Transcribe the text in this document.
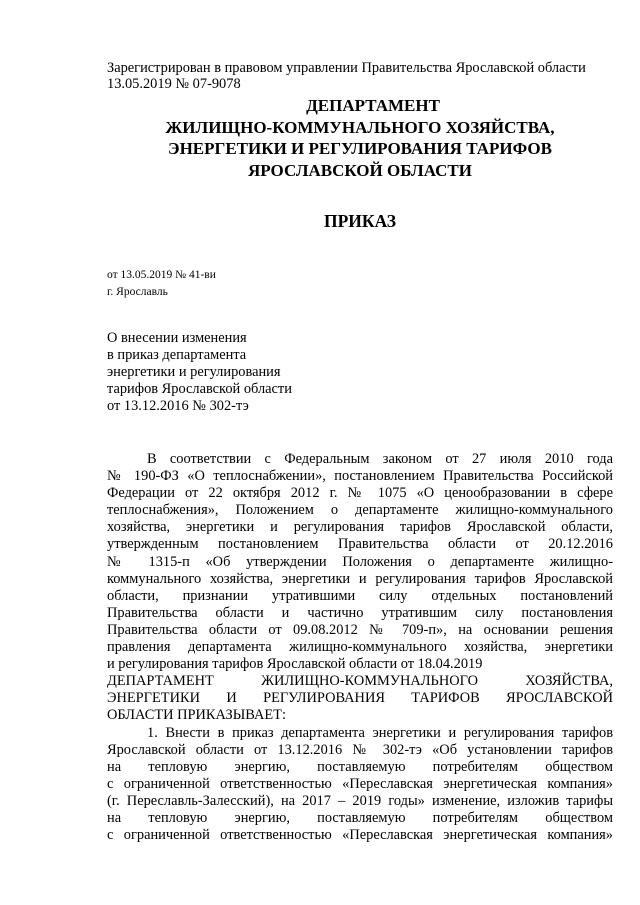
Зарегистрирован в правовом управлении Правительства Ярославской области
13.05.2019 № 07-9078
ДЕПАРТАМЕНТ
ЖИЛИЩНО-КОММУНАЛЬНОГО ХОЗЯЙСТВА,
ЭНЕРГЕТИКИ И РЕГУЛИРОВАНИЯ ТАРИФОВ
ЯРОСЛАВСКОЙ ОБЛАСТИ
ПРИКАЗ
от 13.05.2019 № 41-ви
г. Ярославль
О внесении изменения
в приказ департамента
энергетики и регулирования
тарифов Ярославской области
от 13.12.2016 № 302-тэ

В соответствии с Федеральным законом от 27 июля 2010 года

№ 190-ФЗ «О теплоснабжении», постановлением Правительства Российской

Федерации от 22 октября 2012 г. № 1075 «О ценообразовании в сфере

теплоснабжения», Положением о департаменте жилищно-коммунального

хозяйства, энергетики и регулирования тарифов Ярославской области,

утвержденным постановлением Правительства области от 20.12.2016

№ 1315-п «Об утверждении Положения о департаменте жилищно-

коммунального хозяйства, энергетики и регулирования тарифов Ярославской

области, признании утратившими силу отдельных постановлений

Правительства области и частично утратившим силу постановления

Правительства области от 09.08.2012 № 709-п», на основании решения

правления департамента жилищно-коммунального хозяйства, энергетики

и регулирования тарифов Ярославской области от 18.04.2019

ДЕПАРТАМЕНТ ЖИЛИЩНО-КОММУНАЛЬНОГО ХОЗЯЙСТВА,

ЭНЕРГЕТИКИ И РЕГУЛИРОВАНИЯ ТАРИФОВ ЯРОСЛАВСКОЙ

ОБЛАСТИ ПРИКАЗЫВАЕТ:

1. Внести в приказ департамента энергетики и регулирования тарифов

Ярославской области от 13.12.2016 № 302-тэ «Об установлении тарифов

на тепловую энергию, поставляемую потребителям обществом

с ограниченной ответственностью «Переславская энергетическая компания»

(г. Переславль-Залесский), на 2017 – 2019 годы» изменение, изложив тарифы

на тепловую энергию, поставляемую потребителям обществом

с ограниченной ответственностью «Переславская энергетическая компания»
